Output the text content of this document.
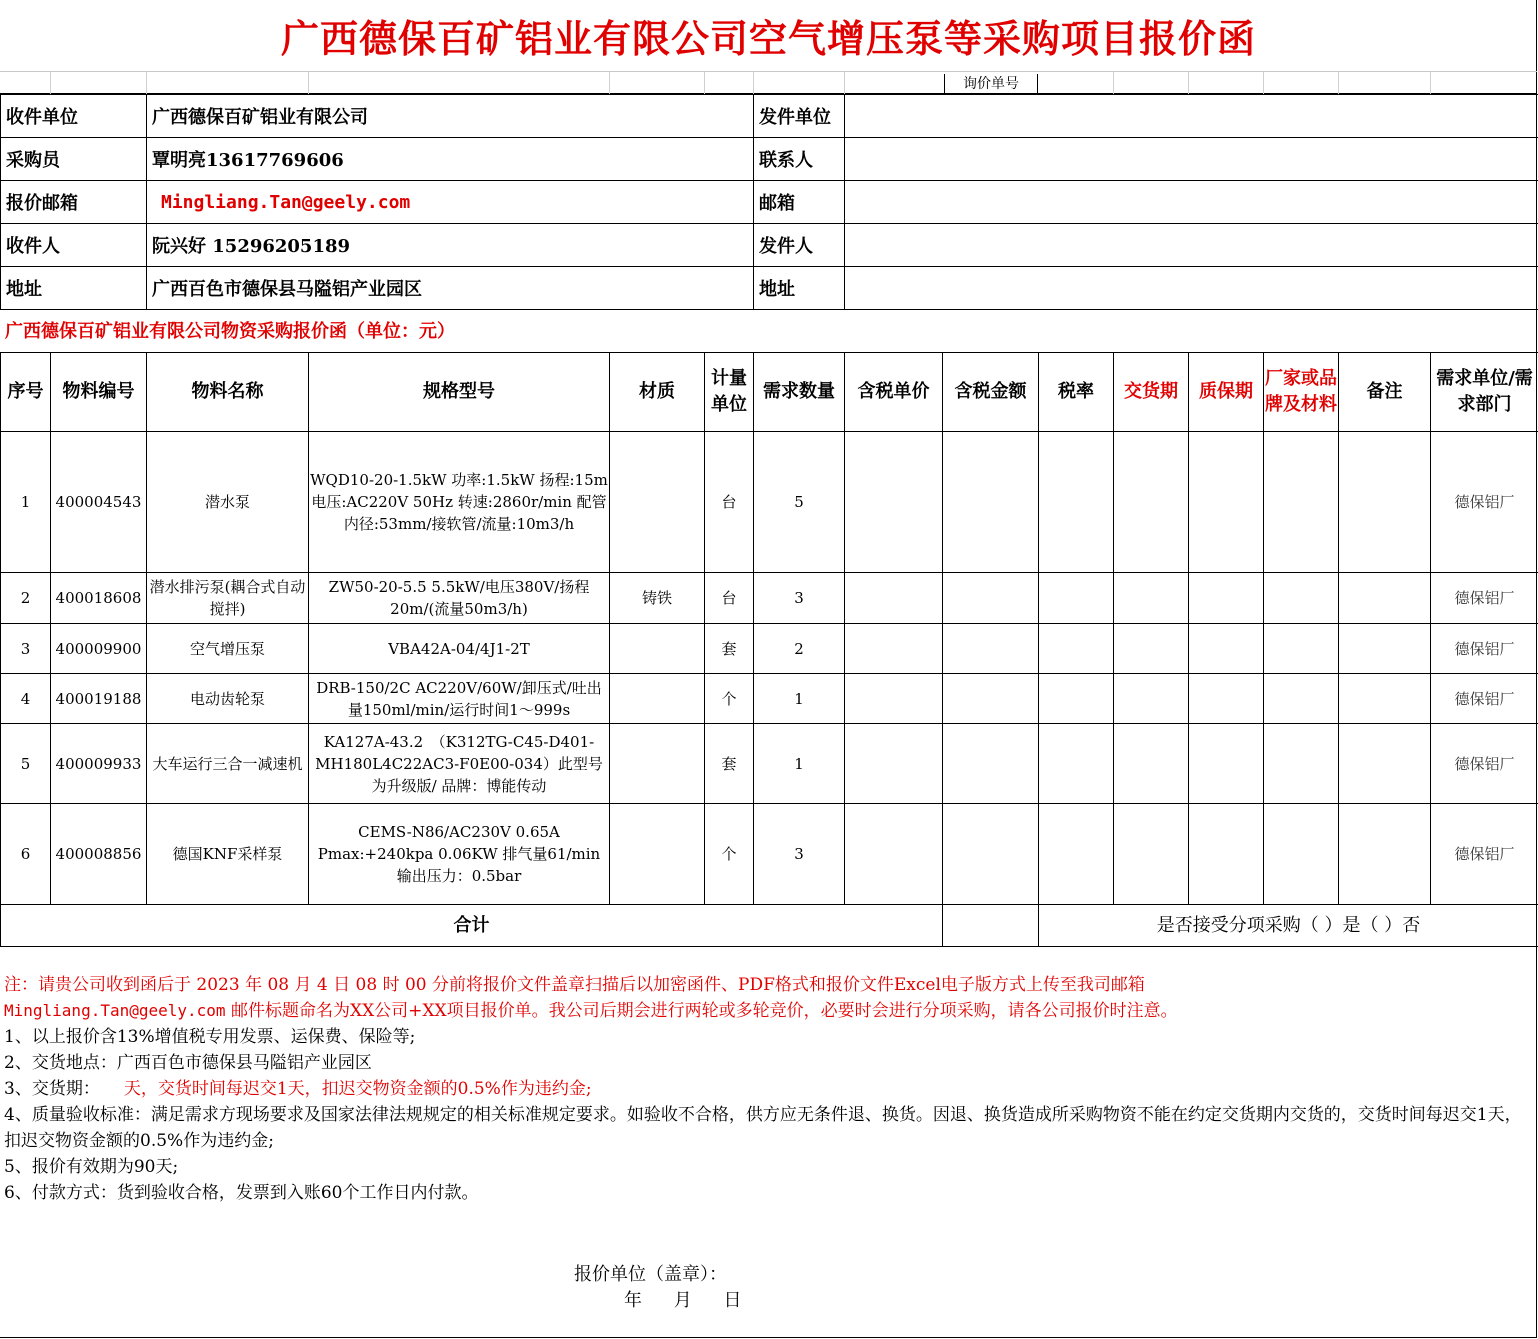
广西德保百矿铝业有限公司空气增压泵等采购项目报价函
询价单号
收件单位	广西德保百矿铝业有限公司	发件单位	
采购员	覃明亮13617769606	联系人	
报价邮箱	Mingliang.Tan@geely.com	邮箱	
收件人	阮兴好 15296205189	发件人	
地址	广西百色市德保县马隘铝产业园区	地址	
广西德保百矿铝业有限公司物资采购报价函（单位：元）
序号	物料编号	物料名称	规格型号	材质	计量单位	需求数量	含税单价	含税金额	税率	交货期	质保期	厂家或品牌及材料	备注	需求单位/需求部门
1	400004543	潜水泵	WQD10-20-1.5kW 功率:1.5kW 扬程:15m 电压:AC220V 50Hz 转速:2860r/min 配管内径:53mm/接软管/流量:10m3/h		台	5								德保铝厂
2	400018608	潜水排污泵(耦合式自动搅拌)	ZW50-20-5.5 5.5kW/电压380V/扬程20m/(流量50m3/h)	铸铁	台	3								德保铝厂
3	400009900	空气增压泵	VBA42A-04/4J1-2T		套	2								德保铝厂
4	400019188	电动齿轮泵	DRB-150/2C AC220V/60W/卸压式/吐出量150ml/min/运行时间1～999s		个	1								德保铝厂
5	400009933	大车运行三合一减速机	KA127A-43.2　（K312TG-C45-D401-MH180L4C22AC3-F0E00-034）此型号为升级版/ 品牌：博能传动		套	1								德保铝厂
6	400008856	德国KNF采样泵	CEMS-N86/AC230V 0.65A Pmax:+240kpa 0.06KW 排气量61/min 输出压力：0.5bar		个	3								德保铝厂
合计									是否接受分项采购（ ）是（ ）否					
注：请贵公司收到函后于 2023 年 08 月 4 日 08 时 00 分前将报价文件盖章扫描后以加密函件、PDF格式和报价文件Excel电子版方式上传至我司邮箱
Mingliang.Tan@geely.com 邮件标题命名为XX公司+XX项目报价单。我公司后期会进行两轮或多轮竞价，必要时会进行分项采购，请各公司报价时注意。
1、以上报价含13%增值税专用发票、运保费、保险等;
2、交货地点：广西百色市德保县马隘铝产业园区
3、交货期： 天，交货时间每迟交1天，扣迟交物资金额的0.5%作为违约金;
4、质量验收标准：满足需求方现场要求及国家法律法规规定的相关标准规定要求。如验收不合格，供方应无条件退、换货。因退、换货造成所采购物资不能在约定交货期内交货的，交货时间每迟交1天，扣迟交物资金额的0.5%作为违约金;
5、报价有效期为90天;
6、付款方式：货到验收合格，发票到入账60个工作日内付款。
报价单位（盖章）：
年 月 日
